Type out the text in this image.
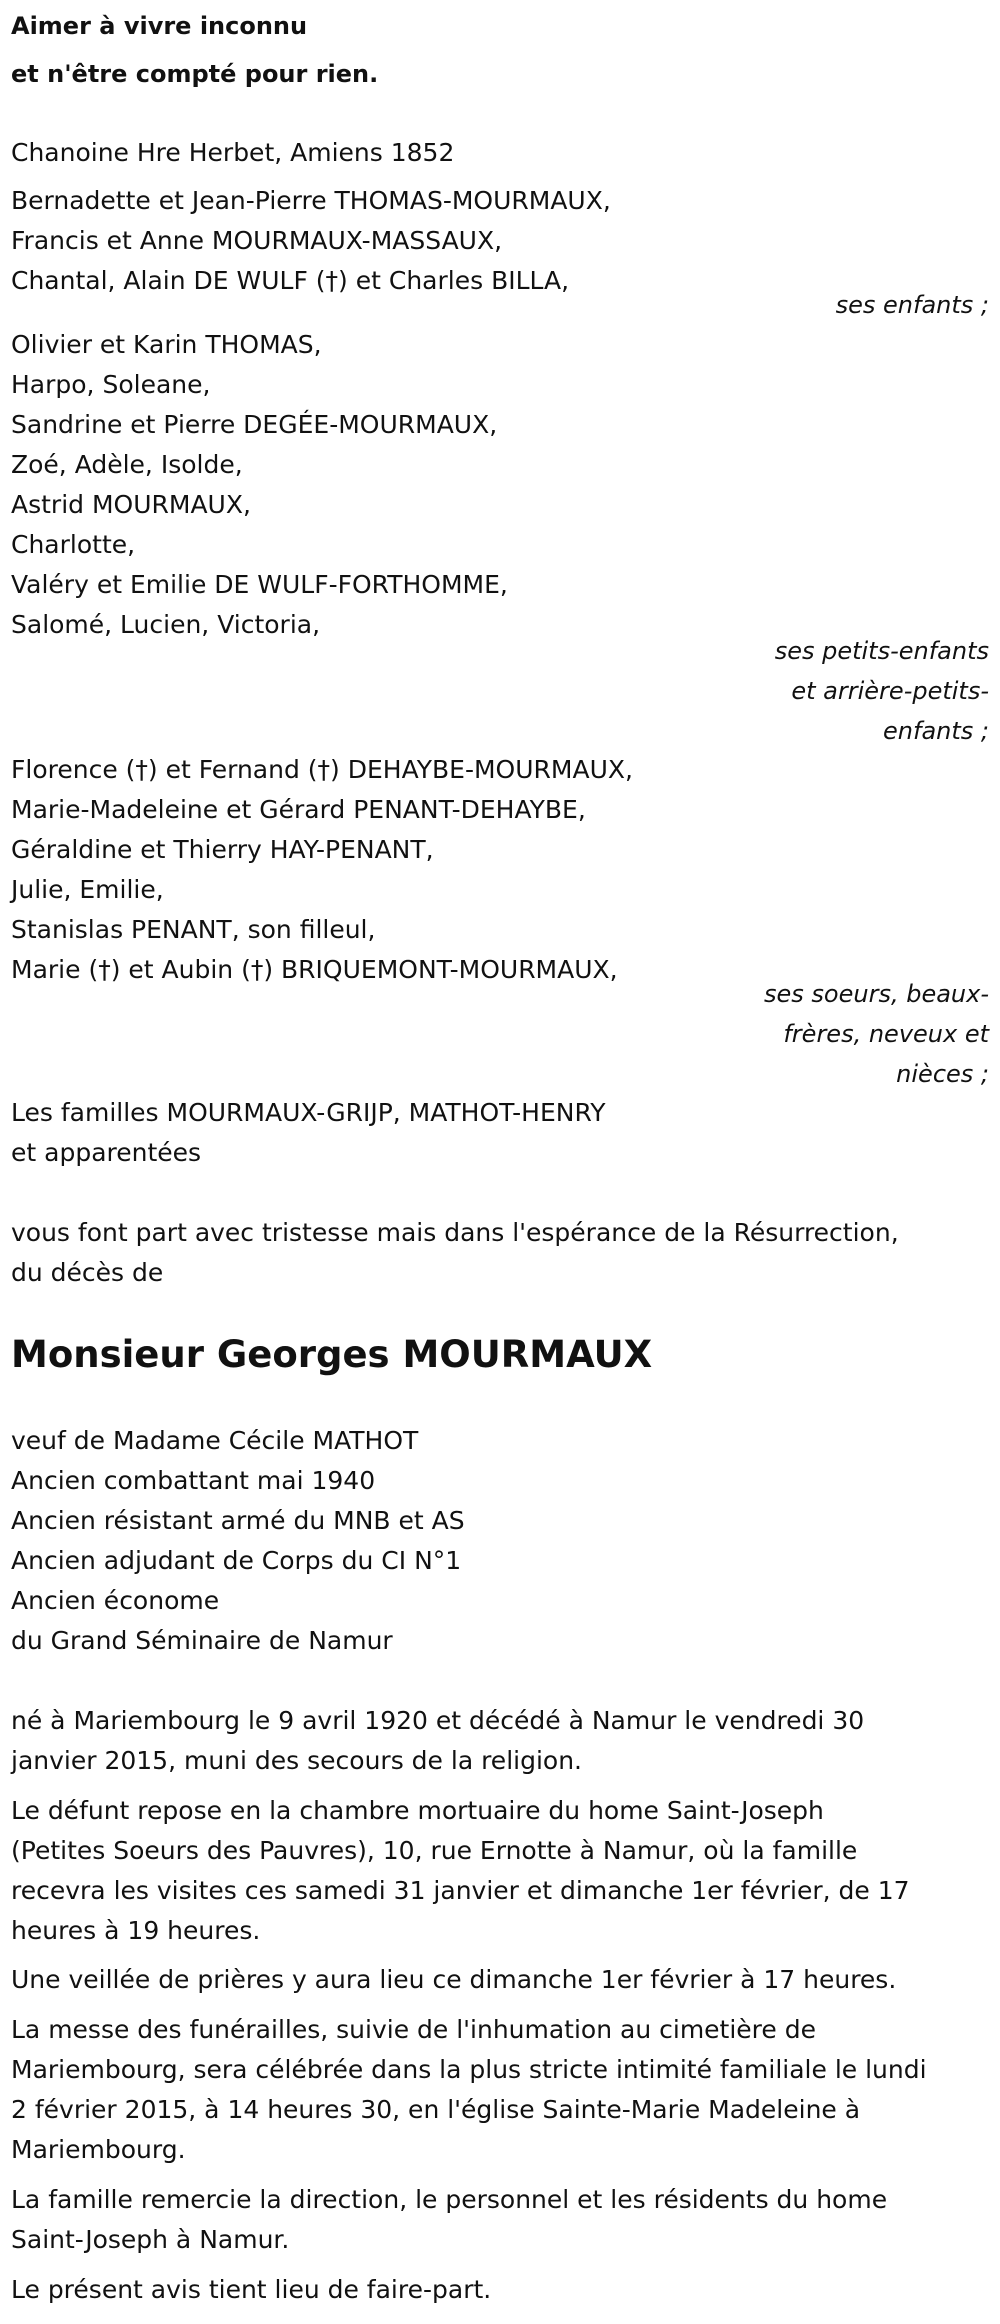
Aimer à vivre inconnu
et n'être compté pour rien.
Chanoine Hre Herbet, Amiens 1852
Bernadette et Jean-Pierre THOMAS-MOURMAUX,
Francis et Anne MOURMAUX-MASSAUX,
Chantal, Alain DE WULF (†) et Charles BILLA,
ses enfants ;
Olivier et Karin THOMAS,
Harpo, Soleane,
Sandrine et Pierre DEGÉE-MOURMAUX,
Zoé, Adèle, Isolde,
Astrid MOURMAUX,
Charlotte,
Valéry et Emilie DE WULF-FORTHOMME,
Salomé, Lucien, Victoria,
ses petits-enfants
et arrière-petits-
enfants ;
Florence (†) et Fernand (†) DEHAYBE-MOURMAUX,
Marie-Madeleine et Gérard PENANT-DEHAYBE,
Géraldine et Thierry HAY-PENANT,
Julie, Emilie,
Stanislas PENANT, son filleul,
Marie (†) et Aubin (†) BRIQUEMONT-MOURMAUX,
ses soeurs, beaux-
frères, neveux et
nièces ;
Les familles MOURMAUX-GRIJP, MATHOT-HENRY
et apparentées
vous font part avec tristesse mais dans l'espérance de la Résurrection,
du décès de
Monsieur Georges MOURMAUX
veuf de Madame Cécile MATHOT
Ancien combattant mai 1940
Ancien résistant armé du MNB et AS
Ancien adjudant de Corps du CI N°1
Ancien économe
du Grand Séminaire de Namur
né à Mariembourg le 9 avril 1920 et décédé à Namur le vendredi 30
janvier 2015, muni des secours de la religion.
Le défunt repose en la chambre mortuaire du home Saint-Joseph
(Petites Soeurs des Pauvres), 10, rue Ernotte à Namur, où la famille
recevra les visites ces samedi 31 janvier et dimanche 1er février, de 17
heures à 19 heures.
Une veillée de prières y aura lieu ce dimanche 1er février à 17 heures.
La messe des funérailles, suivie de l'inhumation au cimetière de
Mariembourg, sera célébrée dans la plus stricte intimité familiale le lundi
2 février 2015, à 14 heures 30, en l'église Sainte-Marie Madeleine à
Mariembourg.
La famille remercie la direction, le personnel et les résidents du home
Saint-Joseph à Namur.
Le présent avis tient lieu de faire-part.
